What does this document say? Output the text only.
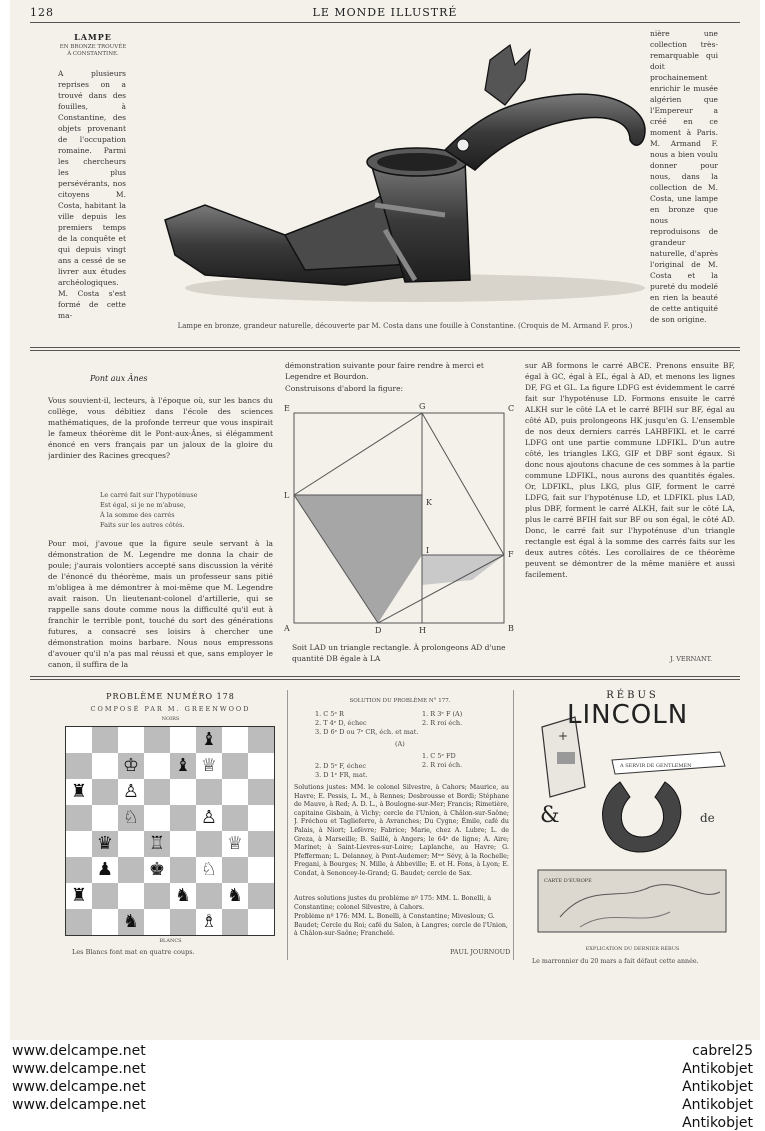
128	LE MONDE ILLUSTRÉ
LAMPE
EN BRONZE TROUVÉE À CONSTANTINE.
A plusieurs reprises on a trouvé dans des fouilles, à Constantine, des objets provenant de l'occupation romaine. Parmi les chercheurs les plus persévérants, nos citoyens M. Costa, habitant la ville depuis les premiers temps de la conquête et qui depuis vingt ans a cessé de se livrer aux études archéologiques. M. Costa s'est formé de cette ma-
nière une collection très-remarquable qui doit prochainement enrichir le musée algérien que l'Empereur a créé en ce moment à Paris. M. Armand F. nous a bien voulu donner pour nous, dans la collection de M. Costa, une lampe en bronze que nous reproduisons de grandeur naturelle, d'après l'original de M. Costa et la pureté du modelé en rien la beauté de cette antiquité de son origine.
Lampe en bronze, grandeur naturelle, découverte par M. Costa dans une fouille à Constantine. (Croquis de M. Armand F. pros.)
Pont aux Ânes
Vous souvient-il, lecteurs, à l'époque où, sur les bancs du collège, vous débitiez dans l'école des sciences mathématiques, de la profonde terreur que vous inspirait le fameux théorème dit le Pont-aux-Ânes, si élégamment énoncé en vers français par un jaloux de la gloire du jardinier des Racines grecques?
Le carré fait sur l'hypoténuse
Est égal, si je ne m'abuse,
À la somme des carrés
Faits sur les autres côtés.
Pour moi, j'avoue que la figure seule servant à la démonstration de M. Legendre me donna la chair de poule; j'aurais volontiers accepté sans discussion la vérité de l'énoncé du théorème, mais un professeur sans pitié m'obligea à me démontrer à moi-même que M. Legendre avait raison. Un lieutenant-colonel d'artillerie, qui se rappelle sans doute comme nous la difficulté qu'il eut à franchir le terrible pont, touché du sort des générations futures, a consacré ses loisirs à chercher une démonstration moins barbare. Nous nous empressons d'avouer qu'il n'a pas mal réussi et que, sans employer le canon, il suffira de la
démonstration suivante pour faire rendre à merci et Legendre et Bourdon.
Construisons d'abord la figure:
E	G	C
L
K
I	F
A	D	H	B
Soit LAD un triangle rectangle. À prolongeons AD d'une quantité DB égale à LA
sur AB formons le carré ABCE. Prenons ensuite BF, égal à GC, égal à EL, égal à AD, et menons les lignes DF, FG et GL. La figure LDFG est évidemment le carré fait sur l'hypoténuse LD. Formons ensuite le carré ALKH sur le côté LA et le carré BFIH sur BF, égal au côté AD, puis prolongeons HK jusqu'en G. L'ensemble de nos deux derniers carrés LAHBFIKL et le carré LDFG ont une partie commune LDFIKL. D'un autre côté, les triangles LKG, GIF et DBF sont égaux. Si donc nous ajoutons chacune de ces sommes à la partie commune LDFIKL, nous aurons des quantités égales. Or, LDFIKL, plus LKG, plus GIF, forment le carré LDFG, fait sur l'hypoténuse LD, et LDFIKL plus LAD, plus DBF, forment le carré ALKH, fait sur le côté LA, plus le carré BFIH fait sur BF ou son égal, le côté AD. Donc, le carré fait sur l'hypoténuse d'un triangle rectangle est égal à la somme des carrés faits sur les deux autres côtés. Les corollaires de ce théorème peuvent se démontrer de la même manière et aussi facilement.
J. VERNANT.
PROBLÈME NUMÉRO 178
COMPOSÉ PAR M. GREENWOOD
NOIRS
♝
♔ ♝ ♕
♜ ♙
♘	♙
♛ ♖	♕
♟ ♚ ♘
♜	♞ ♞
♞	♗
BLANCS
Les Blancs font mat en quatre coups.
SOLUTION DU PROBLÈME N° 177.
1. C 5ᵉ R
2. T 4ᵉ D, échec
3. D 6ᵉ D ou 7ᵉ CR, éch. et mat.
1. R 3ᵉ F (A)
2. R roi éch.
(A)
2. D 5ᵉ F, échec
3. D 1ᵉ FR, mat.
1. C 5ᵉ FD
2. R roi éch.
Solutions justes: MM. le colonel Silvestre, à Cahors; Maurice, au Havre; E. Pessis, L. M., à Rennes; Desbrousse et Bordi; Stéphane de Mauve, à Red; A. D. L., à Boulogne-sur-Mer; Francis; Rimetière, capitaine Gisbain, à Vichy; cercle de l'Union, à Châlon-sur-Saône; J. Fréchou et Taglieferre, à Avranches; Du Cygne; Émile, café du Palais, à Niort; Lefèvre; Fabrice; Marie, chez A. Lubre; L. de Greza, à Marseille; B. Saillé, à Angers; le 64ᵉ de ligne; A. Aire; Marinet; à Saint-Lievres-sur-Loire; Laplanche, au Havre; G. Pfefferman; L. Delanney, à Pont-Audemer; Mᵐᵉ Sévy, à la Rochelle; Fregani, à Bourges; N. Mille, à Abbeville; E. et H. Fons, à Lyon; E. Condat, à Senoncey-le-Grand; G. Baudet; cercle de Sax.
Autres solutions justes du problème nº 175: MM. L. Bonelli, à Constantine; colonel Silvestre, à Cahors.
Problème nº 176: MM. L. Bonelli, à Constantine; Mivesloux; G. Baudet; Cercle du Roi; café du Salon, à Langres; cercle de l'Union, à Châlon-sur-Saône; Franchelé.
PAUL JOURNOUD
RÉBUS
+
A SERVIR DE GENTLEMEN
de
&
CARTE D'EUROPE
LINCOLN
EXPLICATION DU DERNIER RÉBUS
Le marronnier du 20 mars a fait défaut cette année.
www.delcampe.net
www.delcampe.net
www.delcampe.net
www.delcampe.net
cabrel25
Antikobjet
Antikobjet
Antikobjet
Antikobjet
